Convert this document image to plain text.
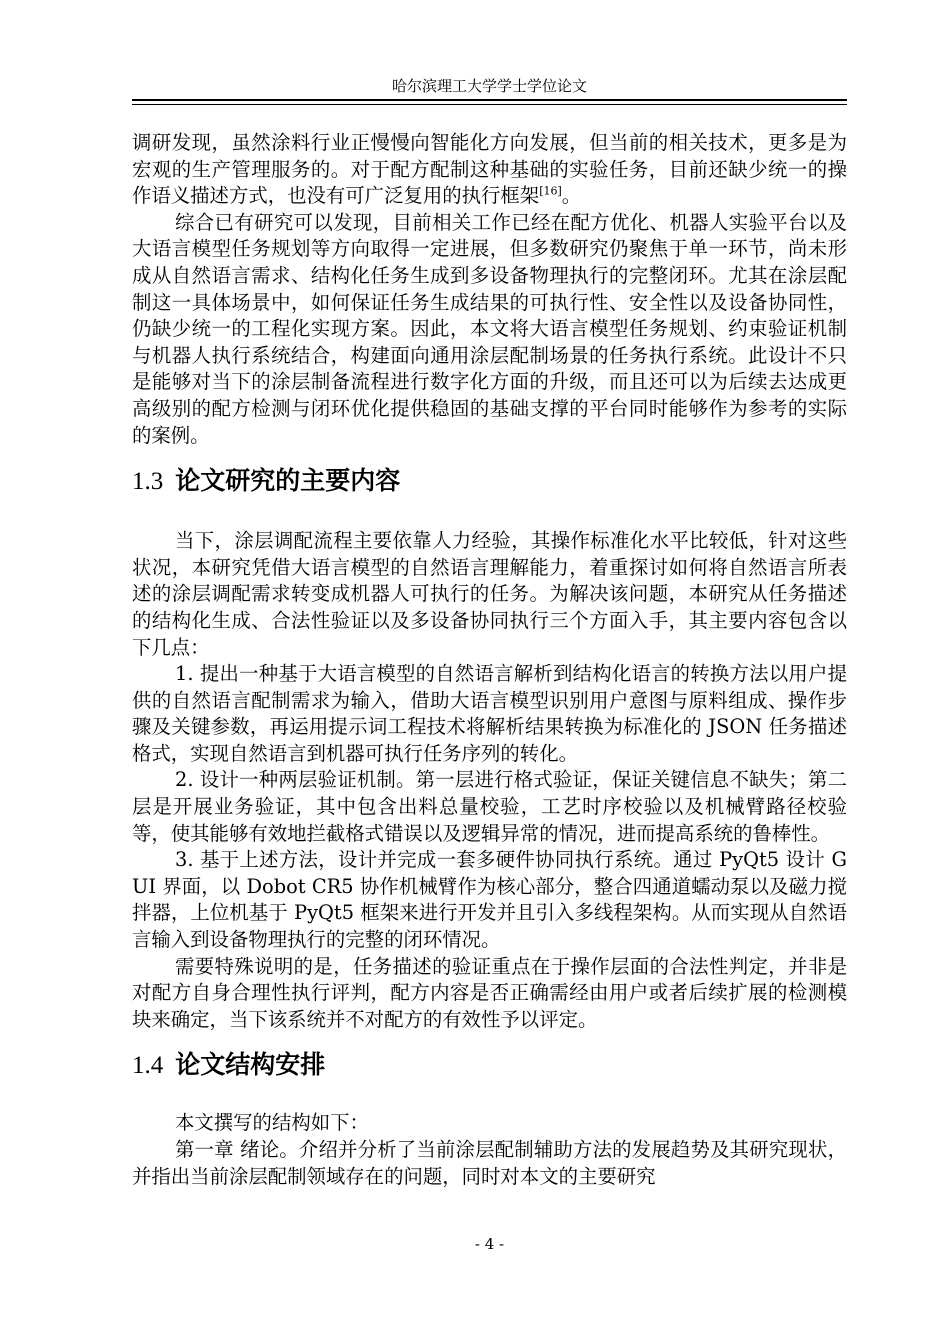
哈尔滨理工大学学士学位论文

调研发现，虽然涂料行业正慢慢向智能化方向发展，但当前的相关技术，更多是为宏观的生产管理服务的。对于配方配制这种基础的实验任务，目前还缺少统一的操作语义描述方式，也没有可广泛复用的执行框架[16]。

综合已有研究可以发现，目前相关工作已经在配方优化、机器人实验平台以及大语言模型任务规划等方向取得一定进展，但多数研究仍聚焦于单一环节，尚未形成从自然语言需求、结构化任务生成到多设备物理执行的完整闭环。尤其在涂层配制这一具体场景中，如何保证任务生成结果的可执行性、安全性以及设备协同性，仍缺少统一的工程化实现方案。因此，本文将大语言模型任务规划、约束验证机制与机器人执行系统结合，构建面向通用涂层配制场景的任务执行系统。此设计不只是能够对当下的涂层制备流程进行数字化方面的升级，而且还可以为后续去达成更高级别的配方检测与闭环优化提供稳固的基础支撑的平台同时能够作为参考的实际的案例。

1.3 论文研究的主要内容

当下，涂层调配流程主要依靠人力经验，其操作标准化水平比较低，针对这些状况，本研究凭借大语言模型的自然语言理解能力，着重探讨如何将自然语言所表述的涂层调配需求转变成机器人可执行的任务。为解决该问题，本研究从任务描述的结构化生成、合法性验证以及多设备协同执行三个方面入手，其主要内容包含以下几点：

1. 提出一种基于大语言模型的自然语言解析到结构化语言的转换方法以用户提供的自然语言配制需求为输入，借助大语言模型识别用户意图与原料组成、操作步骤及关键参数，再运用提示词工程技术将解析结果转换为标准化的 JSON 任务描述格式，实现自然语言到机器可执行任务序列的转化。

2. 设计一种两层验证机制。第一层进行格式验证，保证关键信息不缺失；第二层是开展业务验证，其中包含出料总量校验，工艺时序校验以及机械臂路径校验等，使其能够有效地拦截格式错误以及逻辑异常的情况，进而提高系统的鲁棒性。

3. 基于上述方法，设计并完成一套多硬件协同执行系统。通过 PyQt5 设计 GUI 界面，以 Dobot CR5 协作机械臂作为核心部分，整合四通道蠕动泵以及磁力搅拌器，上位机基于 PyQt5 框架来进行开发并且引入多线程架构。从而实现从自然语言输入到设备物理执行的完整的闭环情况。

需要特殊说明的是，任务描述的验证重点在于操作层面的合法性判定，并非是对配方自身合理性执行评判，配方内容是否正确需经由用户或者后续扩展的检测模块来确定，当下该系统并不对配方的有效性予以评定。

1.4 论文结构安排

本文撰写的结构如下：

第一章 绪论。介绍并分析了当前涂层配制辅助方法的发展趋势及其研究现状，并指出当前涂层配制领域存在的问题，同时对本文的主要研究

- 4 -
